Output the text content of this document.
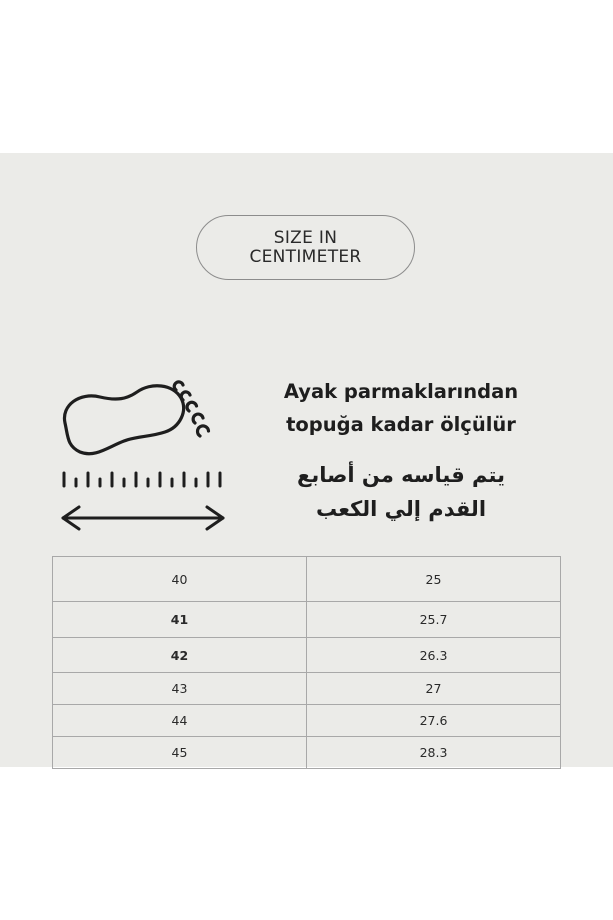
SIZE IN
CENTIMETER
Ayak parmaklarından
topuğa kadar ölçülür
يتم قياسه من أصابع
القدم إلي الكعب
40	25
41	25.7
42	26.3
43	27
44	27.6
45	28.3
